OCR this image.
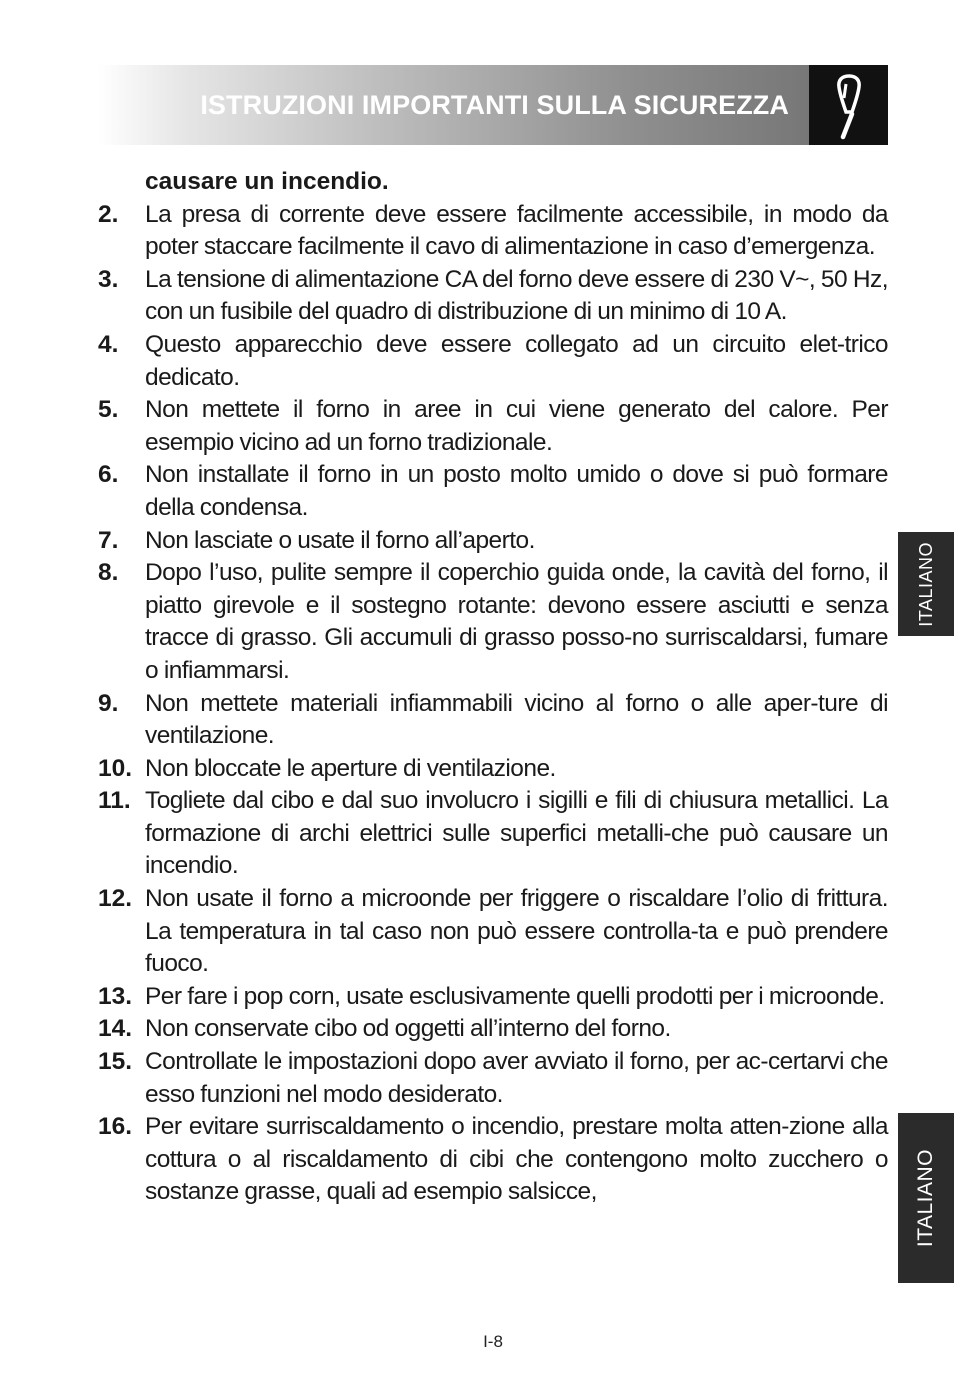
ISTRUZIONI IMPORTANTI SULLA SICUREZZA
causare un incendio.
2.	La presa di corrente deve essere facilmente accessibile, in modo da poter staccare facilmente il cavo di alimentazione in caso d’emergenza.
3.	La tensione di alimentazione CA del forno deve essere di 230 V~, 50 Hz, con un fusibile del quadro di distribuzione di un minimo di 10 A.
4.	Questo apparecchio deve essere collegato ad un circuito elet-trico dedicato.
5.	Non mettete il forno in aree in cui viene generato del calore. Per esempio vicino ad un forno tradizionale.
6.	Non installate il forno in un posto molto umido o dove si può formare della condensa.
7.	Non lasciate o usate il forno all’aperto.
8.	Dopo l’uso, pulite sempre il coperchio guida onde, la cavità del forno, il piatto girevole e il sostegno rotante: devono essere asciutti e senza tracce di grasso. Gli accumuli di grasso posso-no surriscaldarsi, fumare o infiammarsi.
9.	Non mettete materiali infiammabili vicino al forno o alle aper-ture di ventilazione.
10. Non bloccate le aperture di ventilazione.
11. Togliete dal cibo e dal suo involucro i sigilli e fili di chiusura metallici. La formazione di archi elettrici sulle superfici metalli-che può causare un incendio.
12. Non usate il forno a microonde per friggere o riscaldare l’olio di frittura. La temperatura in tal caso non può essere controlla-ta e può prendere fuoco.
13. Per fare i pop corn, usate esclusivamente quelli prodotti per i microonde.
14. Non conservate cibo od oggetti all’interno del forno.
15. Controllate le impostazioni dopo aver avviato il forno, per ac-certarvi che esso funzioni nel modo desiderato.
16. Per evitare surriscaldamento o incendio, prestare molta atten-zione alla cottura o al riscaldamento di cibi che contengono molto zucchero o sostanze grasse, quali ad esempio salsicce,
ITALIANO
ITALIANO
I-8
